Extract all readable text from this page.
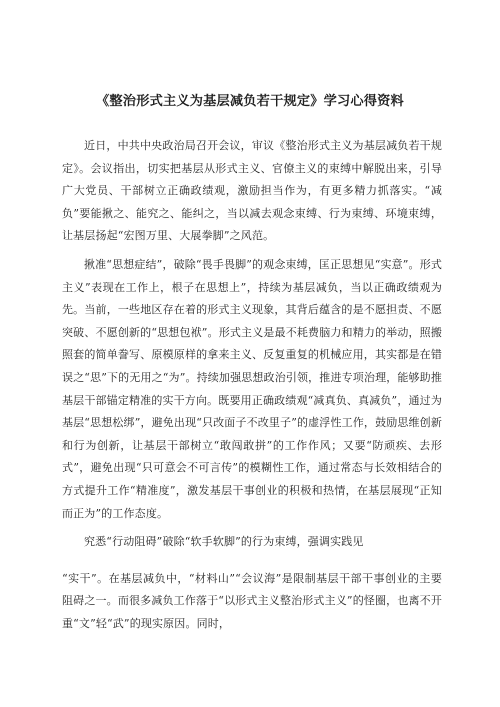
《整治形式主义为基层减负若干规定》学习心得资料

近日，中共中央政治局召开会议，审议《整治形式主义为基层减负若干规定》。会议指出，切实把基层从形式主义、官僚主义的束缚中解脱出来，引导广大党员、干部树立正确政绩观，激励担当作为，有更多精力抓落实。“减负”要能揪之、能究之、能纠之，当以减去观念束缚、行为束缚、环境束缚，让基层扬起“宏图万里、大展拳脚”之风范。

揪准“思想症结”，破除“畏手畏脚”的观念束缚，匡正思想见“实意”。形式主义”表现在工作上，根子在思想上”，持续为基层减负，当以正确政绩观为先。当前，一些地区存在着的形式主义现象，其背后蕴含的是不愿担责、不愿突破、不愿创新的“思想包袱”。形式主义是最不耗费脑力和精力的举动，照搬照套的简单誊写、原模原样的拿来主义、反复重复的机械应用，其实都是在错误之“思”下的无用之“为”。持续加强思想政治引领，推进专项治理，能够助推基层干部锚定精准的实干方向。既要用正确政绩观“减真负、真减负”，通过为基层“思想松绑”，避免出现“只改面子不改里子”的虚浮性工作，鼓励思维创新和行为创新，让基层干部树立“敢闯敢拼”的工作作风；又要“防顽疾、去形式”，避免出现“只可意会不可言传”的模糊性工作，通过常态与长效相结合的方式提升工作“精准度”，激发基层干事创业的积极和热情，在基层展现“正知而正为”的工作态度。

究悉“行动阻碍”破除“软手软脚”的行为束缚，强调实践见

“实干”。在基层减负中，“材料山”“会议海”是限制基层干部干事创业的主要阻碍之一。而很多减负工作落于“以形式主义整治形式主义”的怪圈，也离不开重“文”轻“武”的现实原因。同时，
